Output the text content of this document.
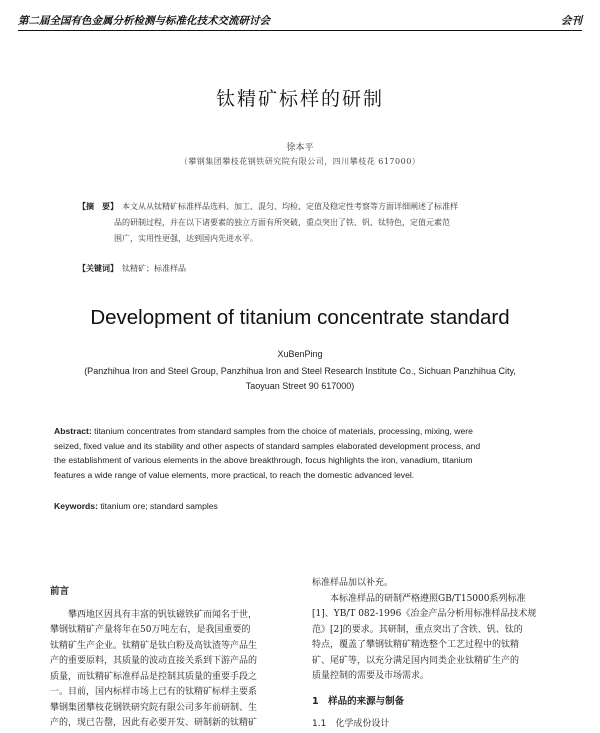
第二届全国有色金属分析检测与标准化技术交流研讨会	会刊
钛精矿标样的研制
徐本平
（攀钢集团攀枝花钢铁研究院有限公司，四川攀枝花 617000）
【摘　要】 本文从从钛精矿标准样品选料、加工、混匀、均检、定值及稳定性考察等方面详细阐述了标准样
品的研制过程，并在以下诸要素的独立方面有所突破，重点突出了铁、钒、钛特色，定值元素范
围广，实用性更强，达到国内先进水平。
【关键词】 钛精矿；标准样品
Development of titanium concentrate standard
XuBenPing
(Panzhihua Iron and Steel Group, Panzhihua Iron and Steel Research Institute Co., Sichuan Panzhihua City,
Taoyuan Street 90 617000)
Abstract: titanium concentrates from standard samples from the choice of materials, processing, mixing, were
seized, fixed value and its stability and other aspects of standard samples elaborated development process, and
the establishment of various elements in the above breakthrough, focus highlights the iron, vanadium, titanium
features a wide range of value elements, more practical, to reach the domestic advanced level.
Keywords: titanium ore; standard samples
前言
　　攀西地区因具有丰富的钒钛磁铁矿而闻名于世，
攀钢钛精矿产量将年在50万吨左右，是我国重要的
钛精矿生产企业。钛精矿是钛白粉及高钛渣等产品生
产的重要原料，其质量的波动直接关系到下游产品的
质量，而钛精矿标准样品是控制其质量的重要手段之
一。目前，国内标样市场上已有的钛精矿标样主要系
攀钢集团攀枝花钢铁研究院有限公司多年前研制、生
产的，现已告罄，因此有必要开发、研制新的钛精矿
标准样品加以补充。
　　本标准样品的研制严格遵照GB/T15000系列标准
[1]、YB/T 082-1996《冶金产品分析用标准样品技术规
范》[2]的要求。其研制，重点突出了含铁、钒、钛的
特点，覆盖了攀钢钛精矿精选整个工艺过程中的钛精
矿、尾矿等，以充分满足国内同类企业钛精矿生产的
质量控制的需要及市场需求。
1　样品的来源与制备
1.1　化学成份设计
